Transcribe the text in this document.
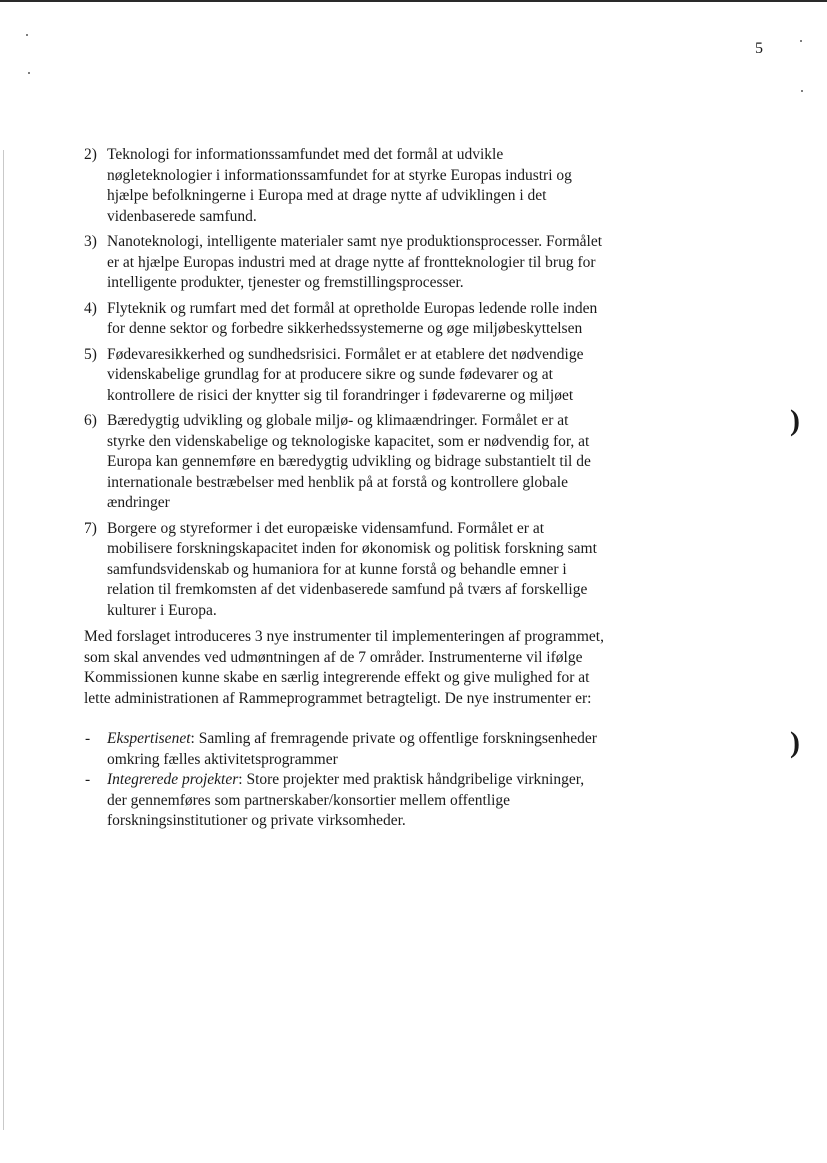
5
)
)
2) Teknologi for informationssamfundet med det formål at udvikle nøgleteknologier i informationssamfundet for at styrke Europas industri og hjælpe befolkningerne i Europa med at drage nytte af udviklingen i det videnbaserede samfund.
3) Nanoteknologi, intelligente materialer samt nye produktionsprocesser. Formålet er at hjælpe Europas industri med at drage nytte af frontteknologier til brug for intelligente produkter, tjenester og fremstillingsprocesser.
4) Flyteknik og rumfart med det formål at opretholde Europas ledende rolle inden for denne sektor og forbedre sikkerhedssystemerne og øge miljøbeskyttelsen
5) Fødevaresikkerhed og sundhedsrisici. Formålet er at etablere det nødvendige videnskabelige grundlag for at producere sikre og sunde fødevarer og at kontrollere de risici der knytter sig til forandringer i fødevarerne og miljøet
6) Bæredygtig udvikling og globale miljø- og klimaændringer. Formålet er at styrke den videnskabelige og teknologiske kapacitet, som er nødvendig for, at Europa kan gennemføre en bæredygtig udvikling og bidrage substantielt til de internationale bestræbelser med henblik på at forstå og kontrollere globale ændringer
7) Borgere og styreformer i det europæiske vidensamfund. Formålet er at mobilisere forskningskapacitet inden for økonomisk og politisk forskning samt samfundsvidenskab og humaniora for at kunne forstå og behandle emner i relation til fremkomsten af det videnbaserede samfund på tværs af forskellige kulturer i Europa.

Med forslaget introduceres 3 nye instrumenter til implementeringen af programmet, som skal anvendes ved udmøntningen af de 7 områder. Instrumenterne vil ifølge Kommissionen kunne skabe en særlig integrerende effekt og give mulighed for at lette administrationen af Rammeprogrammet betragteligt. De nye instrumenter er:

- Ekspertisenet: Samling af fremragende private og offentlige forskningsenheder omkring fælles aktivitetsprogrammer
- Integrerede projekter: Store projekter med praktisk håndgribelige virkninger, der gennemføres som partnerskaber/konsortier mellem offentlige forskningsinstitutioner og private virksomheder.
